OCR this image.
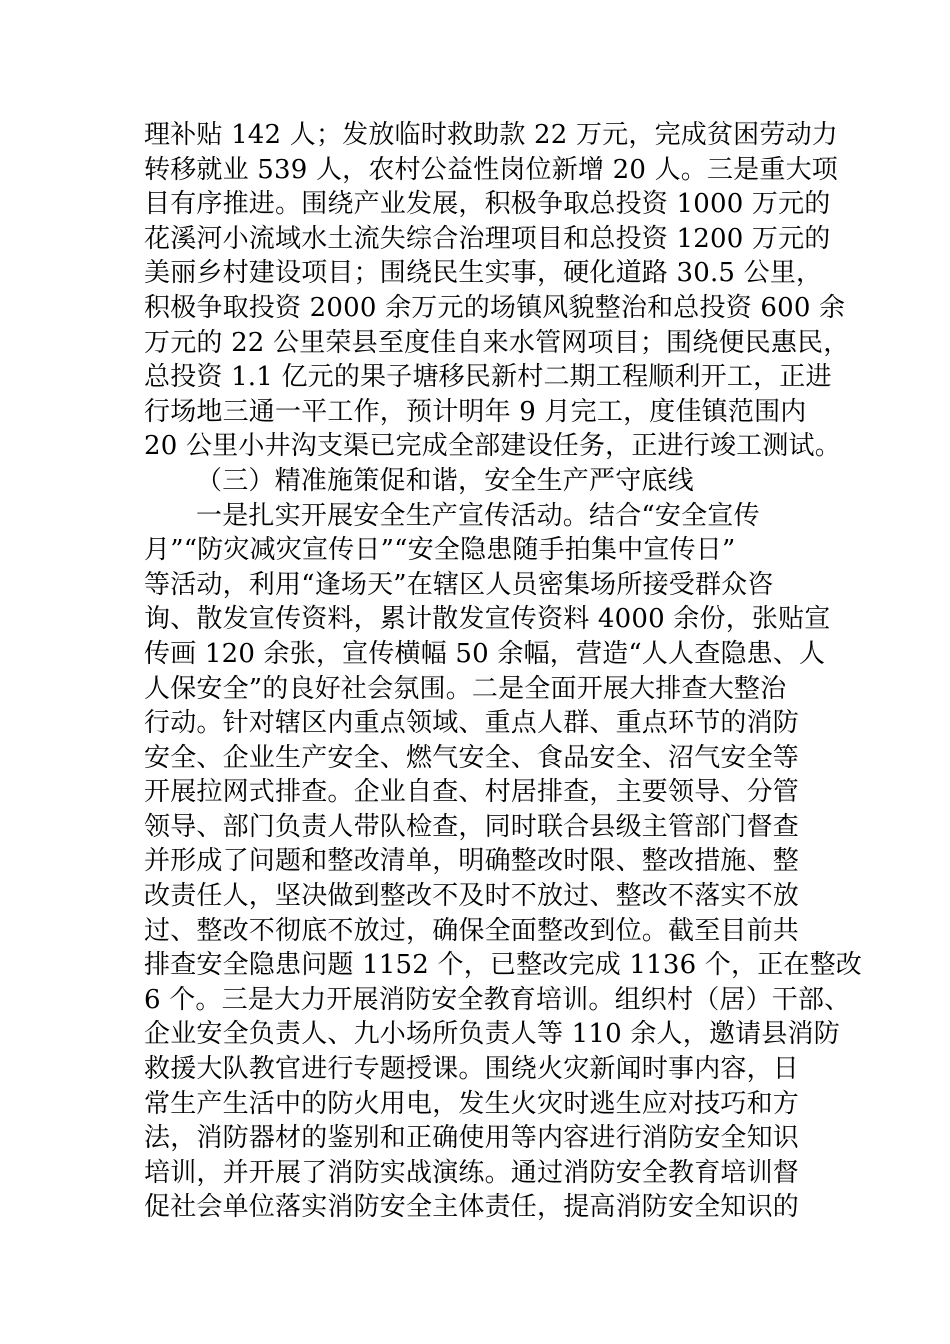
理补贴 142 人；发放临时救助款 22 万元，完成贫困劳动力
转移就业 539 人，农村公益性岗位新增 20 人。三是重大项
目有序推进。围绕产业发展，积极争取总投资 1000 万元的
花溪河小流域水土流失综合治理项目和总投资 1200 万元的
美丽乡村建设项目；围绕民生实事，硬化道路 30.5 公里，
积极争取投资 2000 余万元的场镇风貌整治和总投资 600 余
万元的 22 公里荣县至度佳自来水管网项目；围绕便民惠民，
总投资 1.1 亿元的果子塘移民新村二期工程顺利开工，正进
行场地三通一平工作，预计明年 9 月完工，度佳镇范围内
20 公里小井沟支渠已完成全部建设任务，正进行竣工测试。
（三）精准施策促和谐，安全生产严守底线
一是扎实开展安全生产宣传活动。结合“安全宣传
月”“防灾减灾宣传日”“安全隐患随手拍集中宣传日”
等活动，利用“逢场天”在辖区人员密集场所接受群众咨
询、散发宣传资料，累计散发宣传资料 4000 余份，张贴宣
传画 120 余张，宣传横幅 50 余幅，营造“人人查隐患、人
人保安全”的良好社会氛围。二是全面开展大排查大整治
行动。针对辖区内重点领域、重点人群、重点环节的消防
安全、企业生产安全、燃气安全、食品安全、沼气安全等
开展拉网式排查。企业自查、村居排查，主要领导、分管
领导、部门负责人带队检查，同时联合县级主管部门督查
并形成了问题和整改清单，明确整改时限、整改措施、整
改责任人，坚决做到整改不及时不放过、整改不落实不放
过、整改不彻底不放过，确保全面整改到位。截至目前共
排查安全隐患问题 1152 个，已整改完成 1136 个，正在整改
6 个。三是大力开展消防安全教育培训。组织村（居）干部、
企业安全负责人、九小场所负责人等 110 余人，邀请县消防
救援大队教官进行专题授课。围绕火灾新闻时事内容，日
常生产生活中的防火用电，发生火灾时逃生应对技巧和方
法，消防器材的鉴别和正确使用等内容进行消防安全知识
培训，并开展了消防实战演练。通过消防安全教育培训督
促社会单位落实消防安全主体责任，提高消防安全知识的
